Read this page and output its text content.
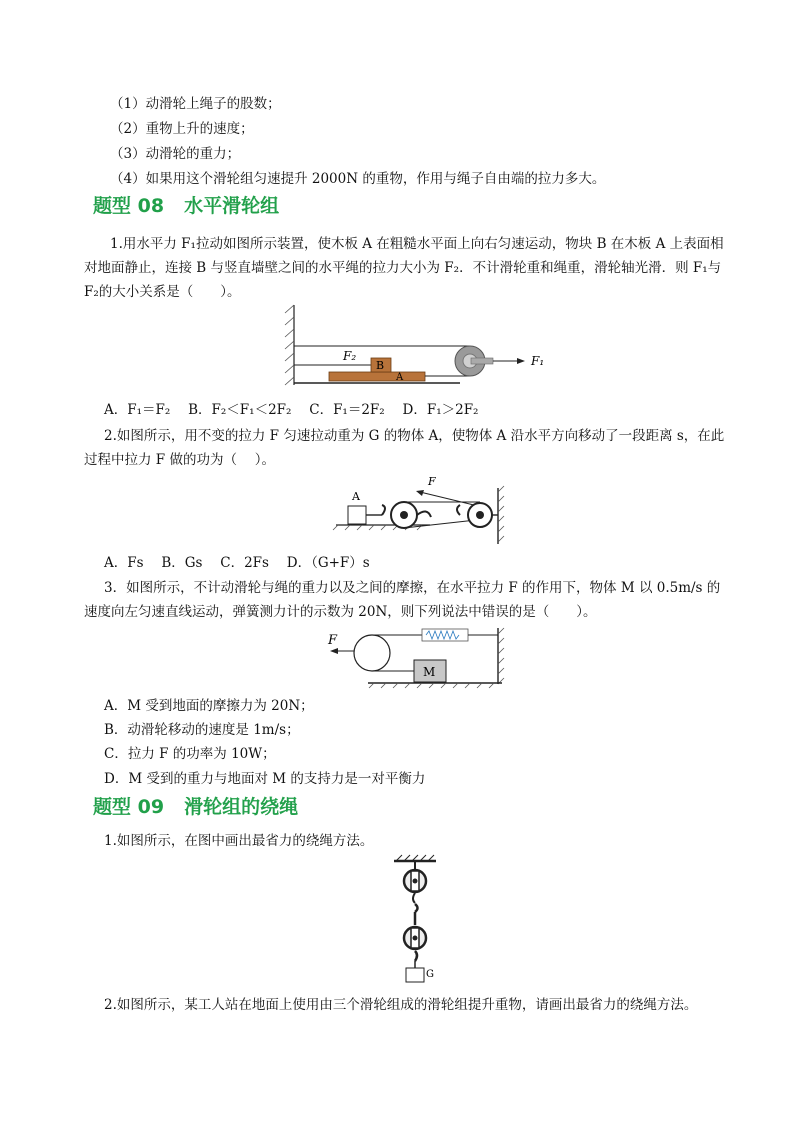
（1）动滑轮上绳子的股数；
（2）重物上升的速度；
（3）动滑轮的重力；
（4）如果用这个滑轮组匀速提升 2000N 的重物，作用与绳子自由端的拉力多大。
题型 08 水平滑轮组
1.用水平力 F₁拉动如图所示装置，使木板 A 在粗糙水平面上向右匀速运动，物块 B 在木板 A 上表面相
对地面静止，连接 B 与竖直墙壁之间的水平绳的拉力大小为 F₂．不计滑轮重和绳重，滑轮轴光滑．则 F₁与
F₂的大小关系是（　　）。
F₂
B
A
F₁
A．F₁＝F₂　 B．F₂＜F₁＜2F₂　 C．F₁＝2F₂　 D．F₁＞2F₂
2.如图所示，用不变的拉力 F 匀速拉动重为 G 的物体 A，使物体 A 沿水平方向移动了一段距离 s，在此
过程中拉力 F 做的功为（　 ）。
A
F
A．Fs　 B．Gs　 C．2Fs　 D．（G+F）s
3．如图所示，不计动滑轮与绳的重力以及之间的摩擦，在水平拉力 F 的作用下，物体 M 以 0.5m/s 的
速度向左匀速直线运动，弹簧测力计的示数为 20N，则下列说法中错误的是（　　）。
F
M
A．M 受到地面的摩擦力为 20N；
B．动滑轮移动的速度是 1m/s；
C．拉力 F 的功率为 10W；
D．M 受到的重力与地面对 M 的支持力是一对平衡力
题型 09 滑轮组的绕绳
1.如图所示，在图中画出最省力的绕绳方法。
G
2.如图所示，某工人站在地面上使用由三个滑轮组成的滑轮组提升重物，请画出最省力的绕绳方法。
